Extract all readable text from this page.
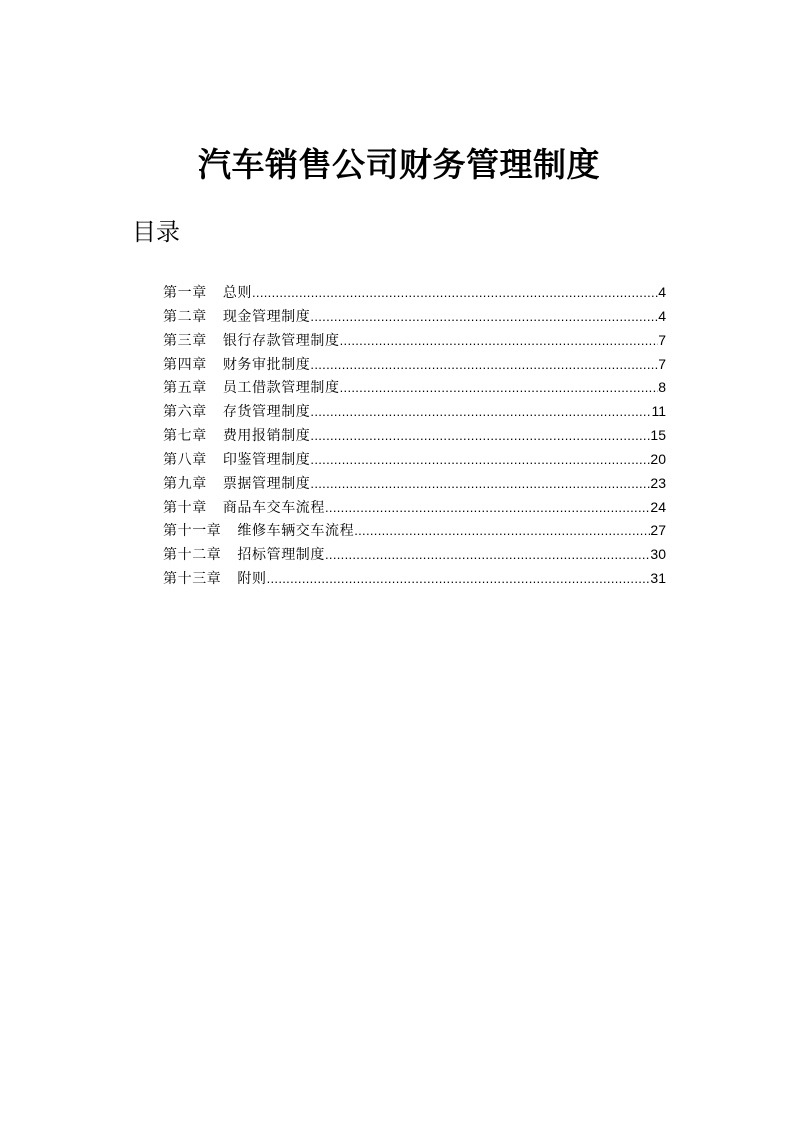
汽车销售公司财务管理制度
目录
第一章 总则 .....	4
第二章 现金管理制度 .....	4
第三章 银行存款管理制度 .....	7
第四章 财务审批制度 .....	7
第五章 员工借款管理制度 .....	8
第六章 存货管理制度 .....	11
第七章 费用报销制度 .....	15
第八章 印鉴管理制度 .....	20
第九章 票据管理制度 .....	23
第十章 商品车交车流程 .....	24
第十一章 维修车辆交车流程 .....	27
第十二章 招标管理制度 .....	30
第十三章 附则 .....	31
